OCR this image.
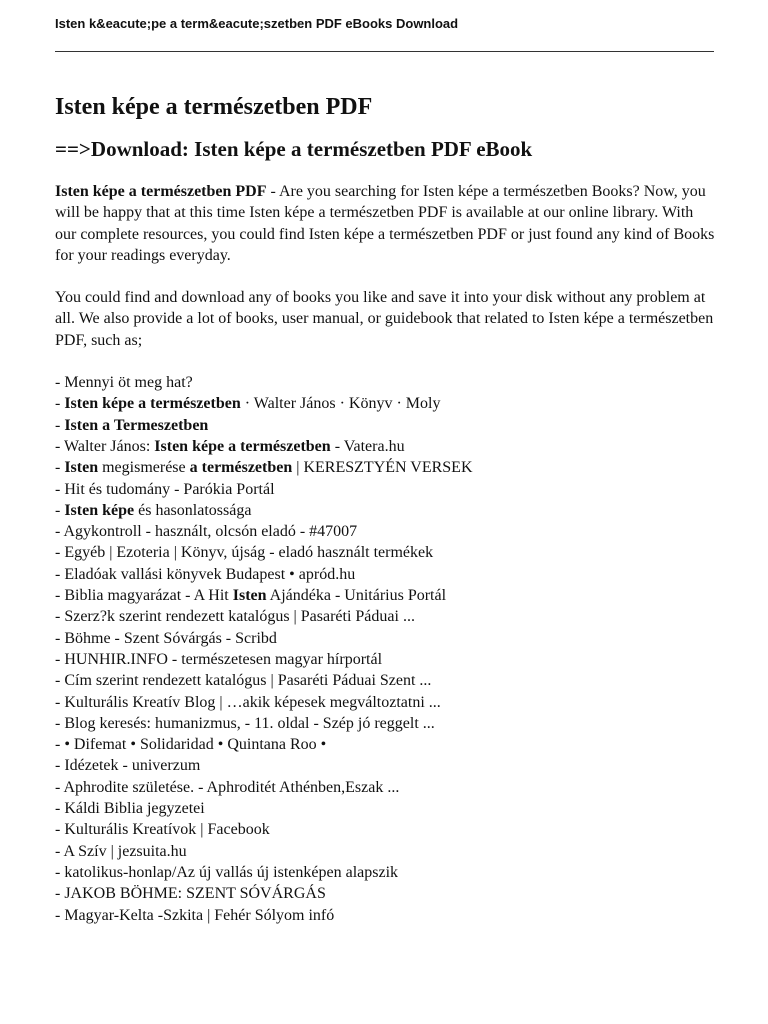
Isten k&eacute;pe a term&eacute;szetben PDF eBooks Download
Isten képe a természetben PDF
==>Download: Isten képe a természetben PDF eBook

Isten képe a természetben PDF - Are you searching for Isten képe a természetben Books? Now, you will be happy that at this time Isten képe a természetben PDF is available at our online library. With our complete resources, you could find Isten képe a természetben PDF or just found any kind of Books for your readings everyday.

You could find and download any of books you like and save it into your disk without any problem at all. We also provide a lot of books, user manual, or guidebook that related to Isten képe a természetben PDF, such as;

- Mennyi öt meg hat?
- Isten képe a természetben · Walter János · Könyv · Moly
- Isten a Termeszetben
- Walter János: Isten képe a természetben - Vatera.hu
- Isten megismerése a természetben | KERESZTYÉN VERSEK
- Hit és tudomány - Parókia Portál
- Isten képe és hasonlatossága
- Agykontroll - használt, olcsón eladó - #47007
- Egyéb | Ezoteria | Könyv, újság - eladó használt termékek
- Eladóak vallási könyvek Budapest • apród.hu
- Biblia magyarázat - A Hit Isten Ajándéka - Unitárius Portál
- Szerz?k szerint rendezett katalógus | Pasaréti Páduai ...
- Böhme - Szent Sóvárgás - Scribd
- HUNHIR.INFO - természetesen magyar hírportál
- Cím szerint rendezett katalógus | Pasaréti Páduai Szent ...
- Kulturális Kreatív Blog | …akik képesek megváltoztatni ...
- Blog keresés: humanizmus, - 11. oldal - Szép jó reggelt ...
- • Difemat • Solidaridad • Quintana Roo •
- Idézetek - univerzum
- Aphrodite születése. - Aphroditét Athénben,Eszak ...
- Káldi Biblia jegyzetei
- Kulturális Kreatívok | Facebook
- A Szív | jezsuita.hu
- katolikus-honlap/Az új vallás új istenképen alapszik
- JAKOB BÖHME: SZENT SÓVÁRGÁS
- Magyar-Kelta -Szkita | Fehér Sólyom infó
